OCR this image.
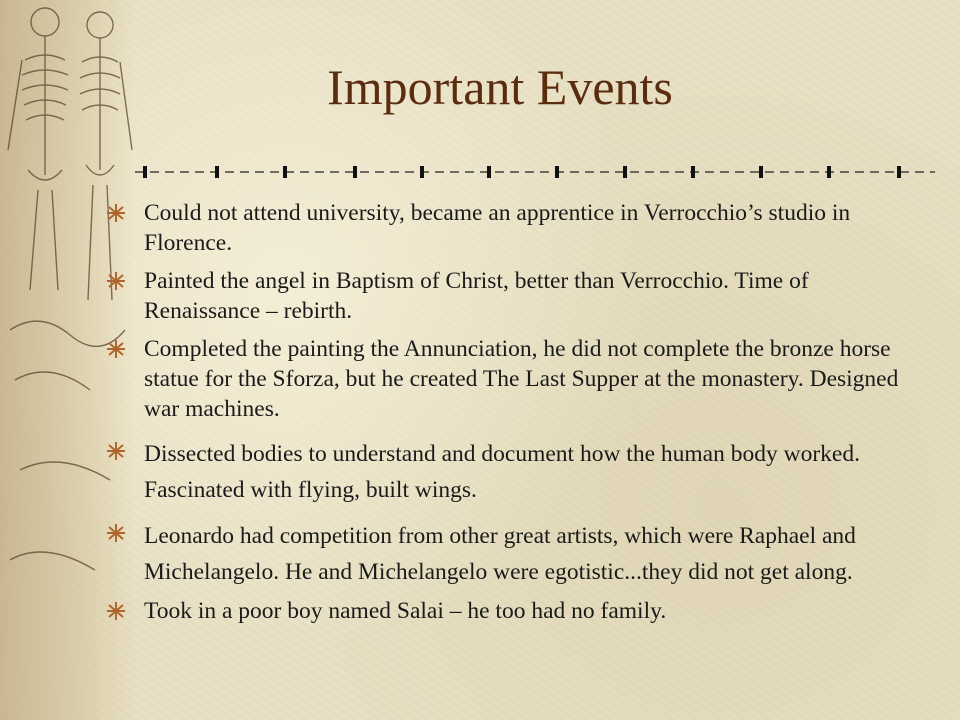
Important Events
Could not attend university, became an apprentice in Verrocchio’s studio in Florence.
Painted the angel in Baptism of Christ, better than Verrocchio. Time of Renaissance – rebirth.
Completed the painting the Annunciation, he did not complete the bronze horse statue for the Sforza, but he created The Last Supper at the monastery. Designed war machines.
Dissected bodies to understand and document how the human body worked. Fascinated with flying, built wings.
Leonardo had competition from other great artists, which were Raphael and Michelangelo. He and Michelangelo were egotistic...they did not get along.
Took in a poor boy named Salai – he too had no family.
